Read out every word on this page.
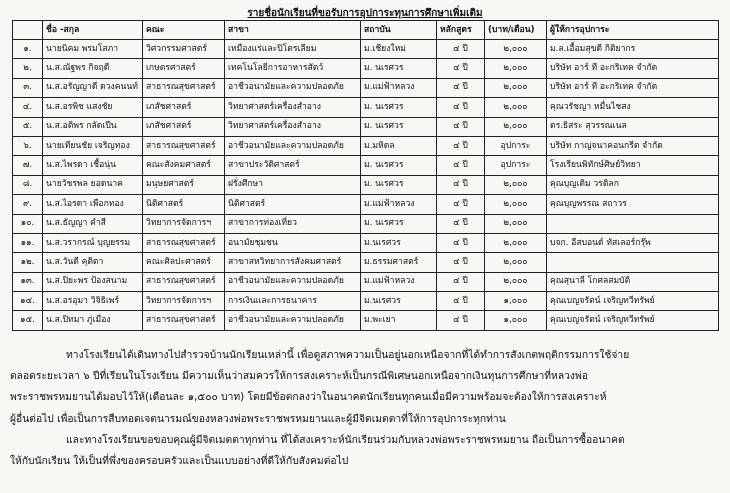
รายชื่อนักเรียนที่ขอรับการอุปการะทุนการศึกษาเพิ่มเติม
	ชื่อ -สกุล	คณะ	สาขา	สถาบัน	หลักสูตร	(บาท/เดือน)	ผู้ให้การอุปการะ
๑.	นายนิคม พรมโสภา	วิศวกรรมศาสตร์	เหมืองแร่และปิโตรเลียม	ม.เชียงใหม่	๔ ปี	๒,๐๐๐	ม.ล.เอื้อมสุขดี กิติยากร
๒.	น.ส.ณัฐพร กิจฤดี	เกษตรศาสตร์	เทคโนโลยีการอาหารสัตว์	ม. นเรศวร	๔ ปี	๒,๐๐๐	บริษัท อาร์ ที อะกริเทค จำกัด
๓.	น.ส.อรัญญาดี ดวงคนนท์	สาธารณสุขศาสตร์	อาชีวอนามัยและความปลอดภัย	ม.แม่ฟ้าหลวง	๔ ปี	๒,๐๐๐	บริษัท อาร์ ที อะกริเทค จำกัด
๔.	น.ส.อรพิช แสงชัย	เภสัชศาสตร์	วิทยาศาสตร์เครื่องสำอาง	ม. นเรศวร	๔ ปี	๒,๐๐๐	คุณวรัชญา หมื่นไชสง
๕.	น.ส.อติพร กลัดเปีน	เภสัชศาสตร์	วิทยาศาสตร์เครื่องสำอาง	ม. นเรศวร	๔ ปี	๒,๐๐๐	ดร.ธิสระ สุวรรณเนล
๖.	นายเทียนชัย เจริญทอง	สาธารณสุขศาสตร์	อาชีวอนามัยและความปลอดภัย	ม.มหิดล	๔ ปี	อุปการะ	บริษัท กาญจนาคอนกรีต จำกัด
๗.	น.ส.ไพรดา เชื้อนุ่น	คณะสังคมศาสตร์	สาขาประวัติศาสตร์	ม. นเรศวร	๔ ปี	อุปการะ	โรงเรียนพิทักษ์ศิษย์วิทยา
๘.	นายวัชรพล ยอดนาค	มนุษยศาสตร์	ฝรั่งศึกษา	ม. นเรศวร	๔ ปี	๒,๐๐๐	คุณบุญเติม วรติลก
๙.	น.ส.ไอรดา เพือกทอง	นิติศาสตร์	นิติศาสตร์	ม.แม่ฟ้าหลวง	๔ ปี	๒,๐๐๐	คุณบุญพรรณ สถาวร
๑๐.	น.ส.ธัญญา คำสี	วิทยาการจัดการฯ	สาขาการท่องเที่ยว	ม. นเรศวร	๔ ปี	๒,๐๐๐	
๑๑.	น.ส.วรากรณ์ บุญยรรม	สาธารณสุขศาสตร์	อนามัยชุมชน	ม.นเรศวร	๔ ปี	๒,๐๐๐	บจก. อีสบอนด์ ทัสเลอร์กรุ๊พ
๑๒.	น.ส.วันดี คุติตา	คณะศิลปะศาสตร์	สาขาสหวิทยาการสังคมศาสตร์	ม.ธรรมศาสตร์	๔ ปี	๒,๐๐๐	
๑๓.	น.ส.ปิยะพร ป้องสนาม	สาธารณสุขศาสตร์	อาชีวอนามัยและความปลอดภัย	ม.แม่ฟ้าหลวง	๔ ปี	๒,๐๐๐	คุณสุนาลี โกศลสมบัติ
๑๔.	น.ส.อรอุมา วิจิธิเพร์	วิทยาการจัดการฯ	การเงินและการธนาคาร	ม.นเรศวร	๔ ปี	๑,๐๐๐	คุณเบญจรัตน์ เจริญทวีทรัพย์
๑๕.	น.ส.ปิทมา ภู่เมือง	สาธารณสุขศาสตร์	อาชีวอนามัยและความปลอดภัย	ม.พะเยา	๔ ปี	๑,๐๐๐	คุณเบญจรัตน์ เจริญทวีทรัพย์

ทางโรงเรียนได้เดินทางไปสำรวจบ้านนักเรียนเหล่านี้ เพื่อดูสภาพความเป็นอยู่นอกเหนือจากที่ได้ทำการสังเกตพฤติกรรมการใช้จ่าย

ตลอดระยะเวลา ๖ ปีที่เรียนในโรงเรียน มีความเห็นว่าสมควรให้การสงเคราะห์เป็นกรณีพิเศษนอกเหนือจากเงินทุนการศึกษาที่หลวงพ่อ

พระราชพรหมยานได้มอบไว้ให้(เดือนละ ๑,๕๐๐ บาท) โดยมีข้อตกลงว่าในอนาคตนักเรียนทุกคนเมื่อมีความพร้อมจะต้องให้การสงเคราะห์

ผู้อื่นต่อไป เพื่อเป็นการสืบทอดเจตนารมณ์ของหลวงพ่อพระราชพรหมยานและผู้มีจิตเมตตาที่ให้การอุปการะทุกท่าน

และทางโรงเรียนขอขอบคุณผู้มีจิตเมตตาทุกท่าน ที่ได้สงเคราะห์นักเรียนร่วมกับหลวงพ่อพระราชพรหมยาน ถือเป็นการซื้ออนาคต

ให้กับนักเรียน ให้เป็นที่พึ่งของครอบครัวและเป็นแบบอย่างที่ดีให้กับสังคมต่อไป
